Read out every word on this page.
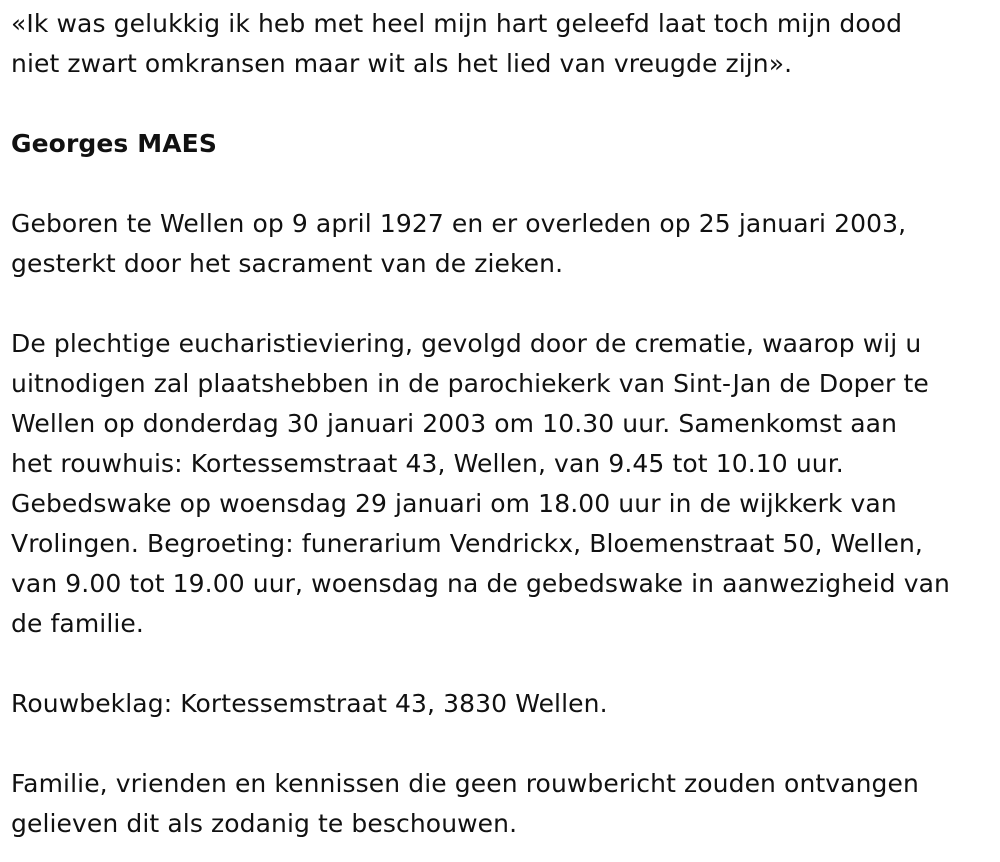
«Ik was gelukkig ik heb met heel mijn hart geleefd laat toch mijn dood
niet zwart omkransen maar wit als het lied van vreugde zijn».

Georges MAES

Geboren te Wellen op 9 april 1927 en er overleden op 25 januari 2003,
gesterkt door het sacrament van de zieken.

De plechtige eucharistieviering, gevolgd door de crematie, waarop wij u
uitnodigen zal plaatshebben in de parochiekerk van Sint-Jan de Doper te
Wellen op donderdag 30 januari 2003 om 10.30 uur. Samenkomst aan
het rouwhuis: Kortessemstraat 43, Wellen, van 9.45 tot 10.10 uur.
Gebedswake op woensdag 29 januari om 18.00 uur in de wijkkerk van
Vrolingen. Begroeting: funerarium Vendrickx, Bloemenstraat 50, Wellen,
van 9.00 tot 19.00 uur, woensdag na de gebedswake in aanwezigheid van
de familie.

Rouwbeklag: Kortessemstraat 43, 3830 Wellen.

Familie, vrienden en kennissen die geen rouwbericht zouden ontvangen
gelieven dit als zodanig te beschouwen.
